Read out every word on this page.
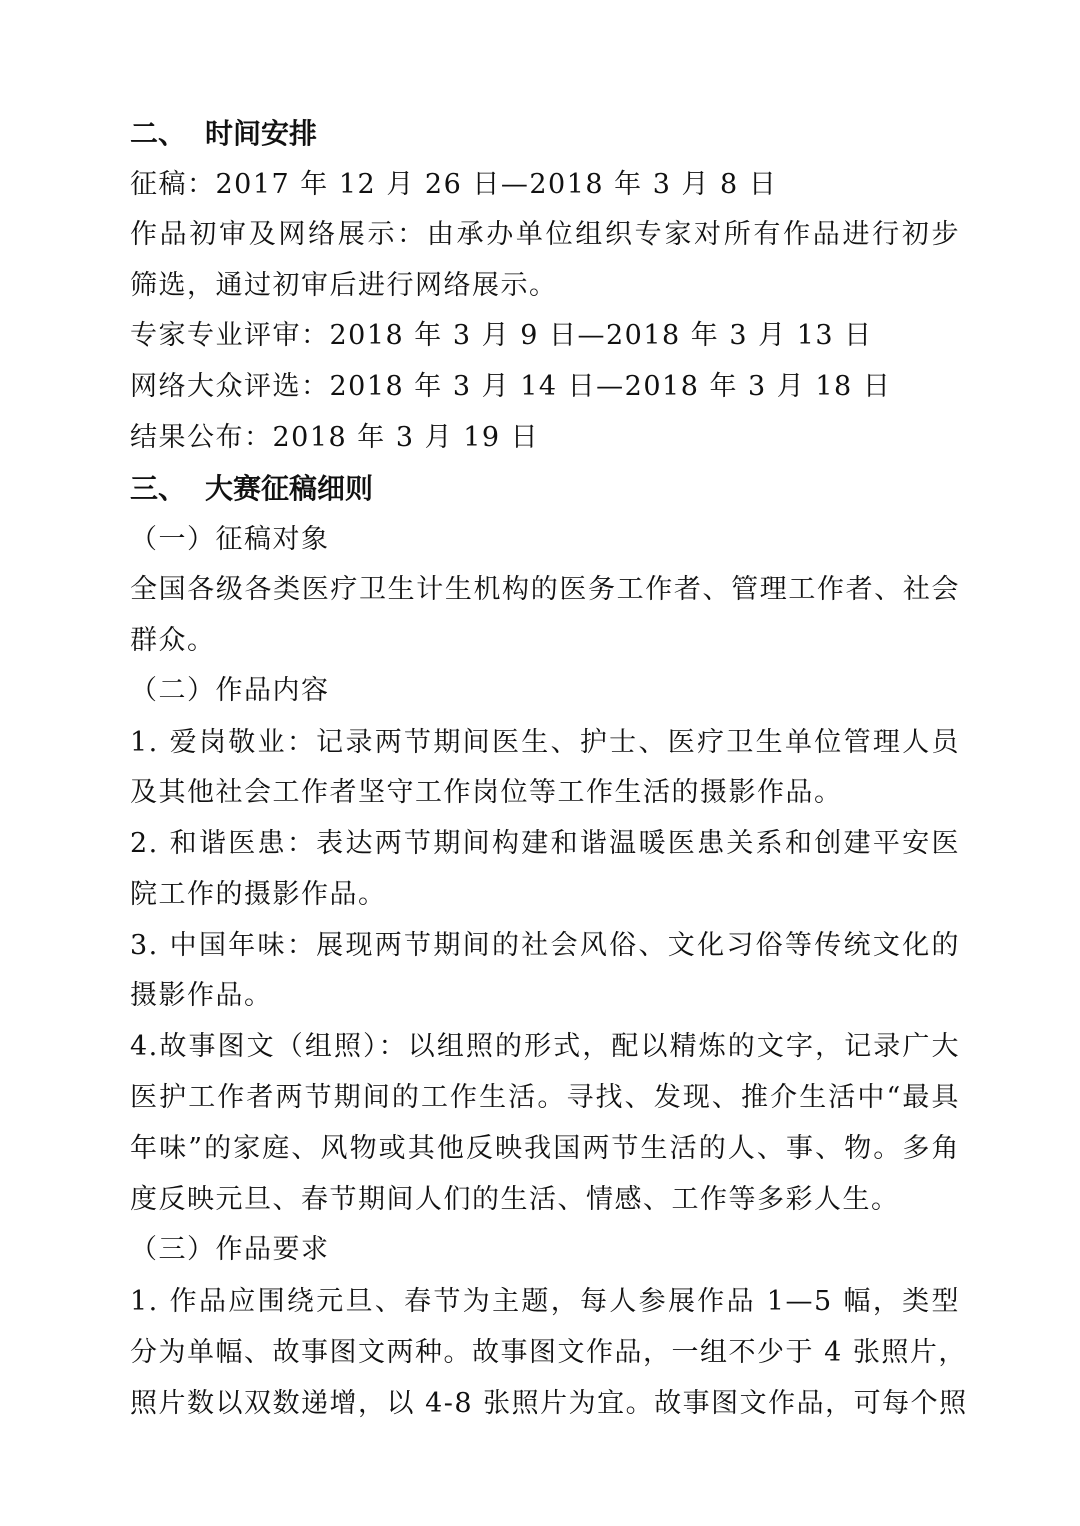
二、 时间安排
征稿：2017 年 12 月 26 日—2018 年 3 月 8 日
作品初审及网络展示：由承办单位组织专家对所有作品进行初步
筛选，通过初审后进行网络展示。
专家专业评审：2018 年 3 月 9 日—2018 年 3 月 13 日
网络大众评选：2018 年 3 月 14 日—2018 年 3 月 18 日
结果公布：2018 年 3 月 19 日
三、 大赛征稿细则
（一）征稿对象
全国各级各类医疗卫生计生机构的医务工作者、管理工作者、社会
群众。
（二）作品内容
1. 爱岗敬业：记录两节期间医生、护士、医疗卫生单位管理人员
及其他社会工作者坚守工作岗位等工作生活的摄影作品。
2. 和谐医患：表达两节期间构建和谐温暖医患关系和创建平安医
院工作的摄影作品。
3. 中国年味：展现两节期间的社会风俗、文化习俗等传统文化的
摄影作品。
4.故事图文（组照）：以组照的形式，配以精炼的文字，记录广大
医护工作者两节期间的工作生活。寻找、发现、推介生活中“最具
年味”的家庭、风物或其他反映我国两节生活的人、事、物。多角
度反映元旦、春节期间人们的生活、情感、工作等多彩人生。
（三）作品要求
1. 作品应围绕元旦、春节为主题，每人参展作品 1—5 幅，类型
分为单幅、故事图文两种。故事图文作品，一组不少于 4 张照片，
照片数以双数递增，以 4-8 张照片为宜。故事图文作品，可每个照
